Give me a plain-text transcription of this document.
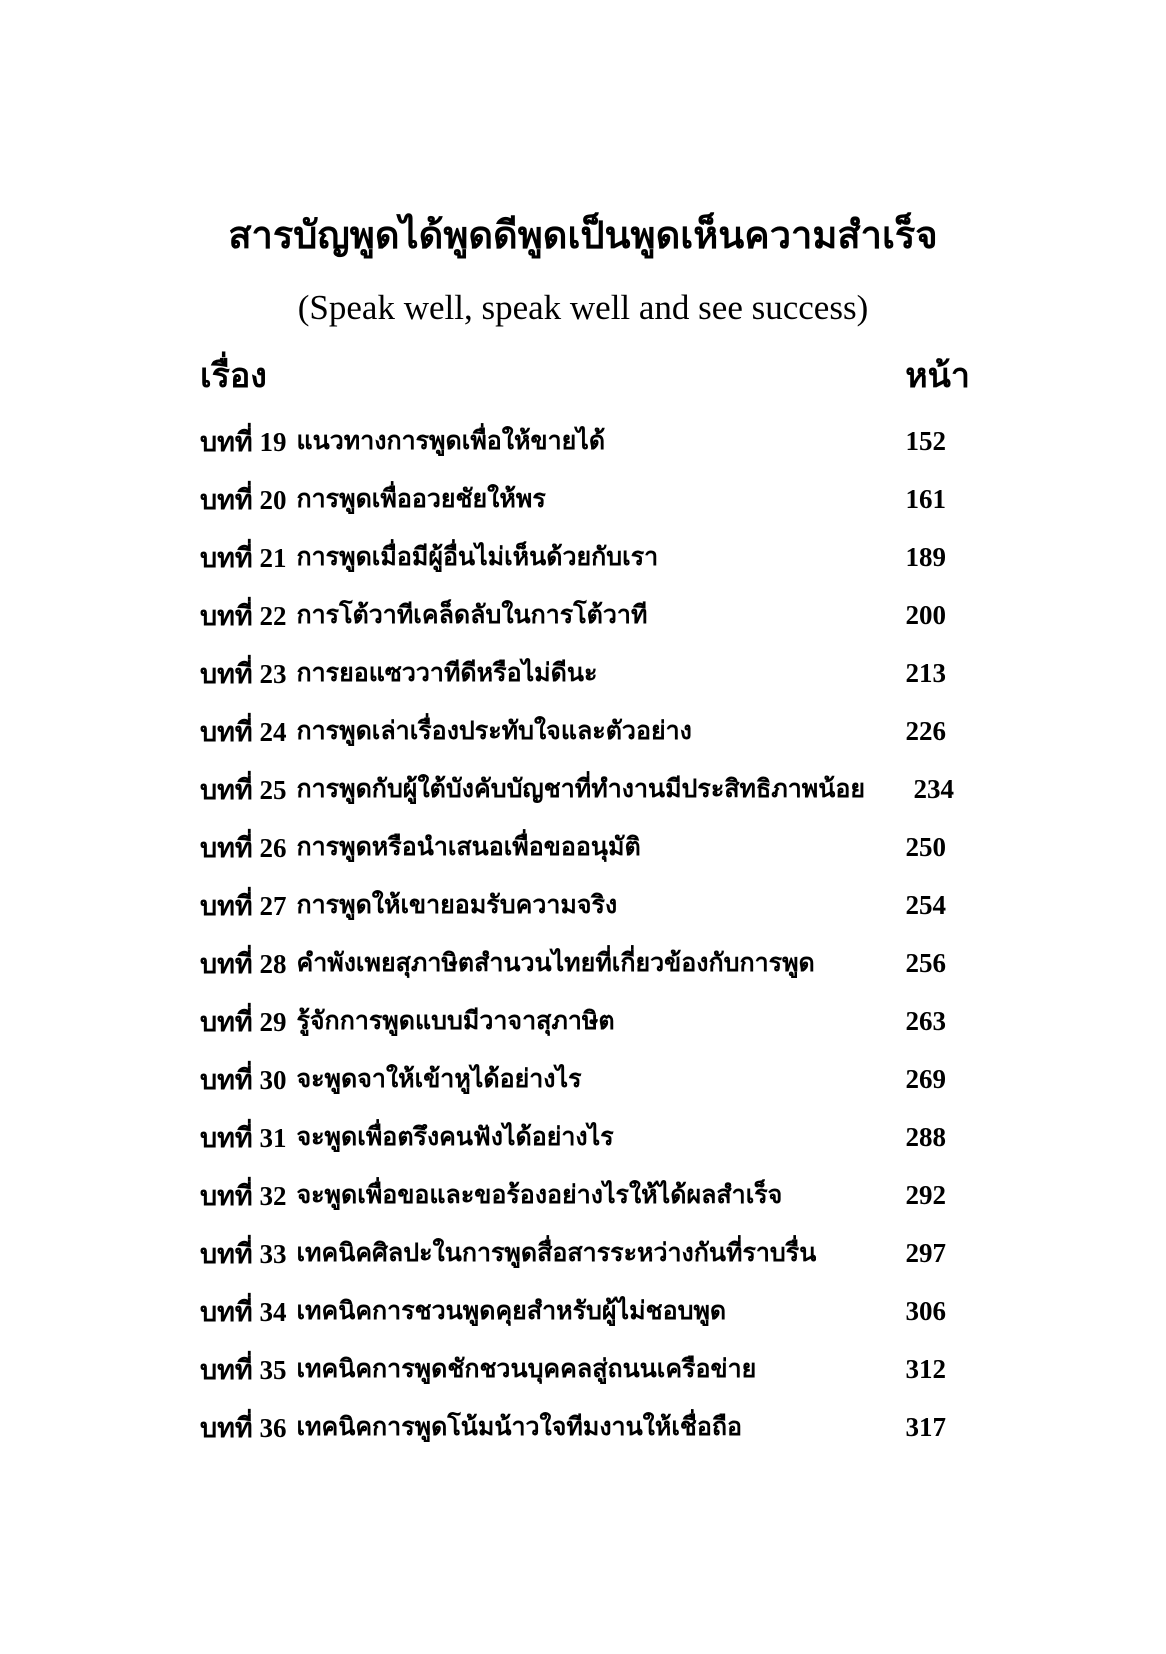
สารบัญพูดได้พูดดีพูดเป็นพูดเห็นความสำเร็จ
(Speak well, speak well and see success)
เรื่อง	หน้า
บทที่ 19 แนวทางการพูดเพื่อให้ขายได้	152
บทที่ 20 การพูดเพื่ออวยชัยให้พร	161
บทที่ 21 การพูดเมื่อมีผู้อื่นไม่เห็นด้วยกับเรา	189
บทที่ 22 การโต้วาทีเคล็ดลับในการโต้วาที	200
บทที่ 23 การยอแซววาทีดีหรือไม่ดีนะ	213
บทที่ 24 การพูดเล่าเรื่องประทับใจและตัวอย่าง	226
บทที่ 25 การพูดกับผู้ใต้บังคับบัญชาที่ทำงานมีประสิทธิภาพน้อย 234
บทที่ 26 การพูดหรือนำเสนอเพื่อขออนุมัติ	250
บทที่ 27 การพูดให้เขายอมรับความจริง	254
บทที่ 28 คำพังเพยสุภาษิตสำนวนไทยที่เกี่ยวข้องกับการพูด	256
บทที่ 29 รู้จักการพูดแบบมีวาจาสุภาษิต	263
บทที่ 30 จะพูดจาให้เข้าหูได้อย่างไร	269
บทที่ 31 จะพูดเพื่อตรึงคนฟังได้อย่างไร	288
บทที่ 32 จะพูดเพื่อขอและขอร้องอย่างไรให้ได้ผลสำเร็จ	292
บทที่ 33 เทคนิคศิลปะในการพูดสื่อสารระหว่างกันที่ราบรื่น	297
บทที่ 34 เทคนิคการชวนพูดคุยสำหรับผู้ไม่ชอบพูด	306
บทที่ 35 เทคนิคการพูดชักชวนบุคคลสู่ถนนเครือข่าย	312
บทที่ 36 เทคนิคการพูดโน้มน้าวใจทีมงานให้เชื่อถือ	317
